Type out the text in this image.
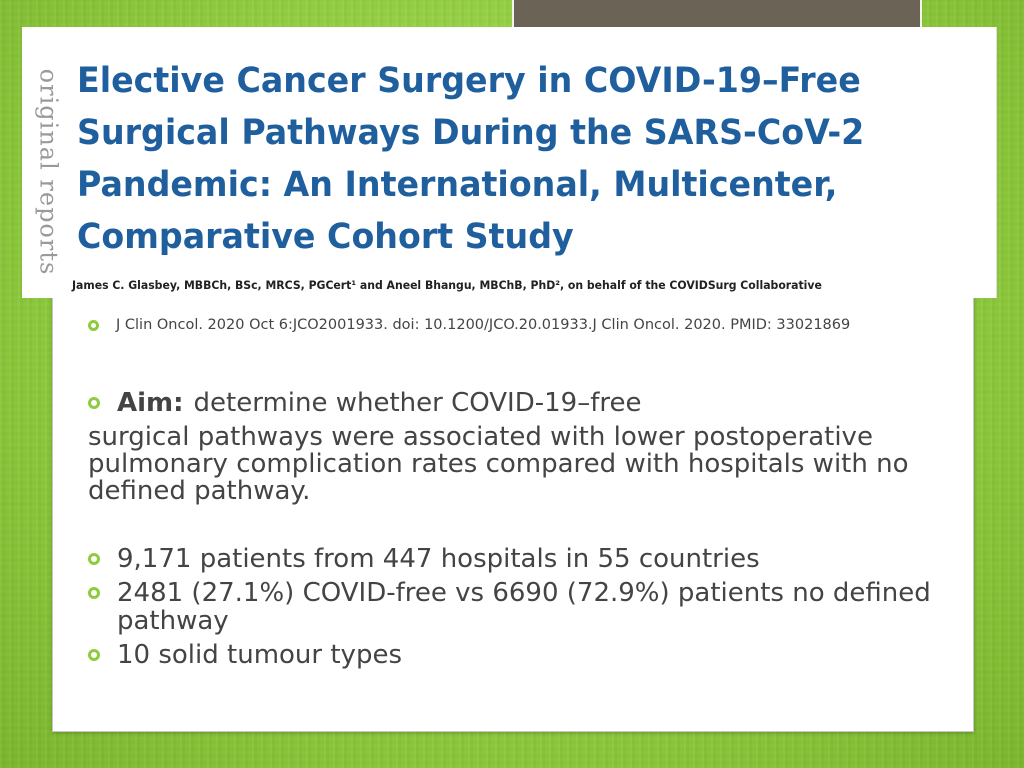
original reports Elective Cancer Surgery in COVID-19–Free Surgical Pathways During the SARS-CoV-2 Pandemic: An International, Multicenter, Comparative Cohort Study

James C. Glasbey, MBBCh, BSc, MRCS, PGCert¹ and Aneel Bhangu, MBChB, PhD², on behalf of the COVIDSurg Collaborative

J Clin Oncol. 2020 Oct 6:JCO2001933. doi: 10.1200/JCO.20.01933.J Clin Oncol. 2020. PMID: 33021869
Aim: determine whether COVID-19–free

surgical pathways were associated with lower postoperative pulmonary complication rates compared with hospitals with no defined pathway.

9,171 patients from 447 hospitals in 55 countries
2481 (27.1%) COVID-free vs 6690 (72.9%) patients no defined pathway
10 solid tumour types
